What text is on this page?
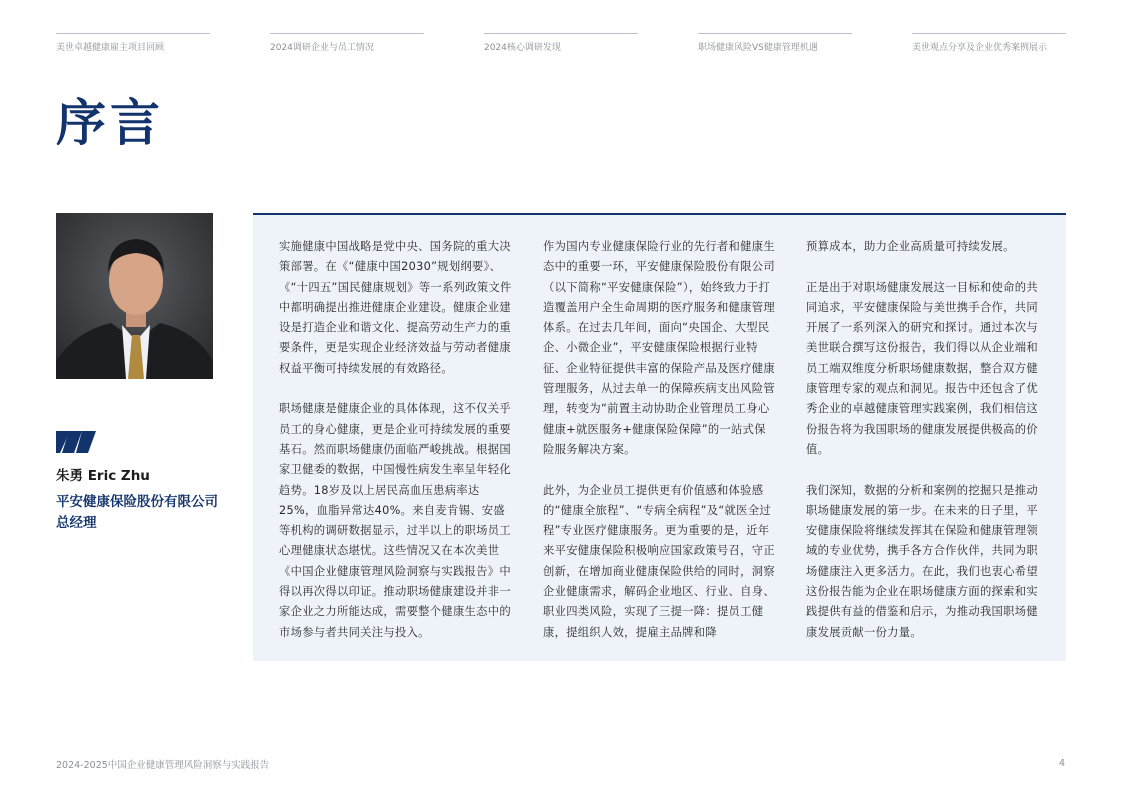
美世卓越健康雇主项目回顾	2024调研企业与员工情况	2024核心调研发现	职场健康风险VS健康管理机遇	美世观点分享及企业优秀案例展示
序言
朱勇 Eric Zhu
平安健康保险股份有限公司
总经理

实施健康中国战略是党中央、国务院的重大决策部署。在《“健康中国2030”规划纲要》、《“十四五”国民健康规划》等一系列政策文件中都明确提出推进健康企业建设。健康企业建设是打造企业和谐文化、提高劳动生产力的重要条件，更是实现企业经济效益与劳动者健康权益平衡可持续发展的有效路径。

职场健康是健康企业的具体体现，这不仅关乎员工的身心健康，更是企业可持续发展的重要基石。然而职场健康仍面临严峻挑战。根据国家卫健委的数据，中国慢性病发生率呈年轻化趋势。18岁及以上居民高血压患病率达25%，血脂异常达40%。来自麦肯锡、安盛等机构的调研数据显示，过半以上的职场员工心理健康状态堪忧。这些情况又在本次美世《中国企业健康管理风险洞察与实践报告》中得以再次得以印证。推动职场健康建设并非一家企业之力所能达成，需要整个健康生态中的市场参与者共同关注与投入。

作为国内专业健康保险行业的先行者和健康生态中的重要一环，平安健康保险股份有限公司（以下简称“平安健康保险”），始终致力于打造覆盖用户全生命周期的医疗服务和健康管理体系。在过去几年间，面向“央国企、大型民企、小微企业”，平安健康保险根据行业特征、企业特征提供丰富的保险产品及医疗健康管理服务，从过去单一的保障疾病支出风险管理，转变为“前置主动协助企业管理员工身心健康+就医服务+健康保险保障”的一站式保险服务解决方案。

此外，为企业员工提供更有价值感和体验感的“健康全旅程”、“专病全病程”及“就医全过程”专业医疗健康服务。更为重要的是，近年来平安健康保险积极响应国家政策号召，守正创新，在增加商业健康保险供给的同时，洞察企业健康需求，解码企业地区、行业、自身、职业四类风险，实现了三提一降：提员工健康，提组织人效，提雇主品牌和降

预算成本，助力企业高质量可持续发展。

正是出于对职场健康发展这一目标和使命的共同追求，平安健康保险与美世携手合作，共同开展了一系列深入的研究和探讨。通过本次与美世联合撰写这份报告，我们得以从企业端和员工端双维度分析职场健康数据，整合双方健康管理专家的观点和洞见。报告中还包含了优秀企业的卓越健康管理实践案例，我们相信这份报告将为我国职场的健康发展提供极高的价值。

我们深知，数据的分析和案例的挖掘只是推动职场健康发展的第一步。在未来的日子里，平安健康保险将继续发挥其在保险和健康管理领域的专业优势，携手各方合作伙伴，共同为职场健康注入更多活力。在此，我们也衷心希望这份报告能为企业在职场健康方面的探索和实践提供有益的借鉴和启示，为推动我国职场健康发展贡献一份力量。

2024-2025中国企业健康管理风险洞察与实践报告	4
